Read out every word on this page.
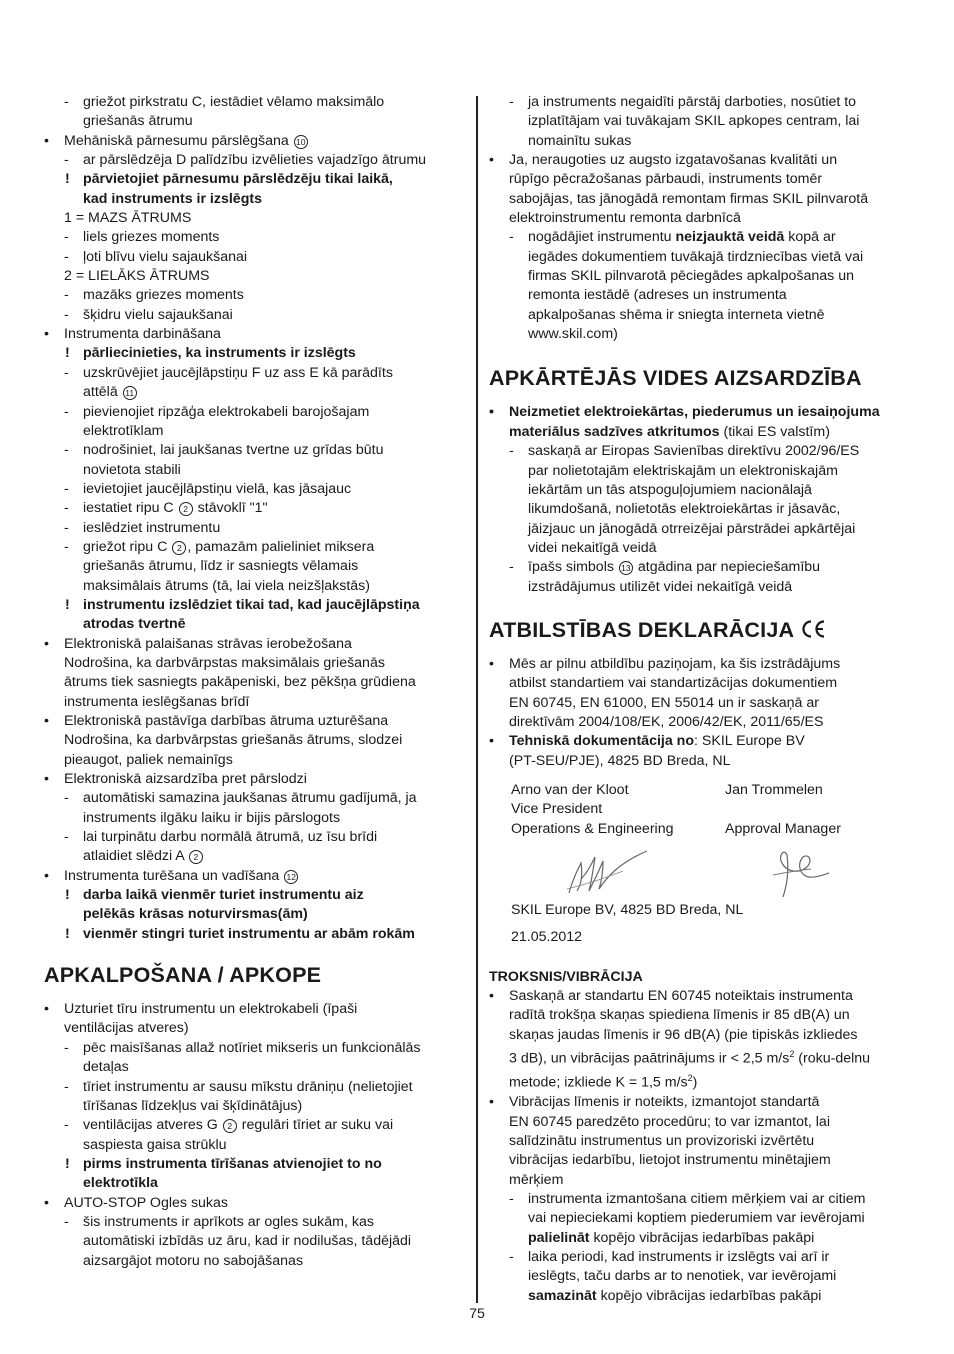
- griežot pirkstratu C, iestādiet vēlamo maksimālo
griešanās ātrumu
• Mehāniskā pārnesumu pārslēgšana 10
- ar pārslēdzēja D palīdzību izvēlieties vajadzīgo ātrumu
! pārvietojiet pārnesumu pārslēdzēju tikai laikā,
kad instruments ir izslēgts
1 = MAZS ĀTRUMS
- liels griezes moments
- ļoti blīvu vielu sajaukšanai
2 = LIELĀKS ĀTRUMS
- mazāks griezes moments
- šķidru vielu sajaukšanai
• Instrumenta darbināšana
! pārliecinieties, ka instruments ir izslēgts
- uzskrūvējiet jaucējlāpstiņu F uz ass E kā parādīts
attēlā 11
- pievienojiet ripzāģa elektrokabeli barojošajam
elektrotīklam
- nodrošiniet, lai jaukšanas tvertne uz grīdas būtu
novietota stabili
- ievietojiet jaucējlāpstiņu vielā, kas jāsajauc
- iestatiet ripu C 2 stāvoklī "1"
- ieslēdziet instrumentu
- griežot ripu C 2 , pamazām palieliniet miksera
griešanās ātrumu, līdz ir sasniegts vēlamais
maksimālais ātrums (tā, lai viela neizšļakstās)
! instrumentu izslēdziet tikai tad, kad jaucējlāpstiņa
atrodas tvertnē
• Elektroniskā palaišanas strāvas ierobežošana
Nodrošina, ka darbvārpstas maksimālais griešanās
ātrums tiek sasniegts pakāpeniski, bez pēkšņa grūdiena
instrumenta ieslēgšanas brīdī
• Elektroniskā pastāvīga darbības ātruma uzturēšana
Nodrošina, ka darbvārpstas griešanās ātrums, slodzei
pieaugot, paliek nemainīgs
• Elektroniskā aizsardzība pret pārslodzi
- automātiski samazina jaukšanas ātrumu gadījumā, ja
instruments ilgāku laiku ir bijis pārslogots
- lai turpinātu darbu normālā ātrumā, uz īsu brīdi
atlaidiet slēdzi A 2
• Instrumenta turēšana un vadīšana 12
! darba laikā vienmēr turiet instrumentu aiz
pelēkās krāsas noturvirsmas(ām)
! vienmēr stingri turiet instrumentu ar abām rokām
APKALPOŠANA / APKOPE
• Uzturiet tīru instrumentu un elektrokabeli (īpaši
ventilācijas atveres)
- pēc maisīšanas allaž notīriet mikseris un funkcionālās
detaļas
- tīriet instrumentu ar sausu mīkstu drāniņu (nelietojiet
tīrīšanas līdzekļus vai šķīdinātājus)
- ventilācijas atveres G 2 regulāri tīriet ar suku vai
saspiesta gaisa strūklu
! pirms instrumenta tīrīšanas atvienojiet to no
elektrotīkla
• AUTO-STOP Ogles sukas
- šis instruments ir aprīkots ar ogles sukām, kas
automātiski izbīdās uz āru, kad ir nodilušas, tādējādi
aizsargājot motoru no sabojāšanas
- ja instruments negaidīti pārstāj darboties, nosūtiet to
izplatītājam vai tuvākajam SKIL apkopes centram, lai
nomainītu sukas
• Ja, neraugoties uz augsto izgatavošanas kvalitāti un
rūpīgo pēcražošanas pārbaudi, instruments tomēr
sabojājas, tas jānogādā remontam firmas SKIL pilnvarotā
elektroinstrumentu remonta darbnīcā
- nogādājiet instrumentu neizjauktā veidā kopā ar
iegādes dokumentiem tuvākajā tirdzniecības vietā vai
firmas SKIL pilnvarotā pēciegādes apkalpošanas un
remonta iestādē (adreses un instrumenta
apkalpošanas shēma ir sniegta interneta vietnē
www.skil.com)
APKĀRTĒJĀS VIDES AIZSARDZĪBA
• Neizmetiet elektroiekārtas, piederumus un iesaiņojuma
materiālus sadzīves atkritumos (tikai ES valstīm)
- saskaņā ar Eiropas Savienības direktīvu 2002/96/ES
par nolietotajām elektriskajām un elektroniskajām
iekārtām un tās atspoguļojumiem nacionālajā
likumdošanā, nolietotās elektroiekārtas ir jāsavāc,
jāizjauc un jānogādā otrreizējai pārstrādei apkārtējai
videi nekaitīgā veidā
- īpašs simbols 13 atgādina par nepieciešamību
izstrādājumus utilizēt videi nekaitīgā veidā
ATBILSTĪBAS DEKLARĀCIJA
• Mēs ar pilnu atbildību paziņojam, ka šis izstrādājums
atbilst standartiem vai standartizācijas dokumentiem
EN 60745, EN 61000, EN 55014 un ir saskaņā ar
direktīvām 2004/108/EK, 2006/42/EK, 2011/65/ES
• Tehniskā dokumentācija no: SKIL Europe BV
(PT-SEU/PJE), 4825 BD Breda, NL
Arno van der Kloot
Vice President
Operations & Engineering
Jan Trommelen

Approval Manager
SKIL Europe BV, 4825 BD Breda, NL
21.05.2012
TROKSNIS/VIBRĀCIJA
• Saskaņā ar standartu EN 60745 noteiktais instrumenta
radītā trokšņa skaņas spiediena līmenis ir 85 dB(A) un
skaņas jaudas līmenis ir 96 dB(A) (pie tipiskās izkliedes
3 dB), un vibrācijas paātrinājums ir < 2,5 $m/s^2$ (roku-delnu
metode; izkliede K = 1,5 $m/s^2$)
• Vibrācijas līmenis ir noteikts, izmantojot standartā
EN 60745 paredzēto procedūru; to var izmantot, lai
salīdzinātu instrumentus un provizoriski izvērtētu
vibrācijas iedarbību, lietojot instrumentu minētajiem
mērķiem
- instrumenta izmantošana citiem mērķiem vai ar citiem
vai nepieciekami koptiem piederumiem var ievērojami
palielināt kopējo vibrācijas iedarbības pakāpi
- laika periodi, kad instruments ir izslēgts vai arī ir
ieslēgts, taču darbs ar to nenotiek, var ievērojami
samazināt kopējo vibrācijas iedarbības pakāpi
75
